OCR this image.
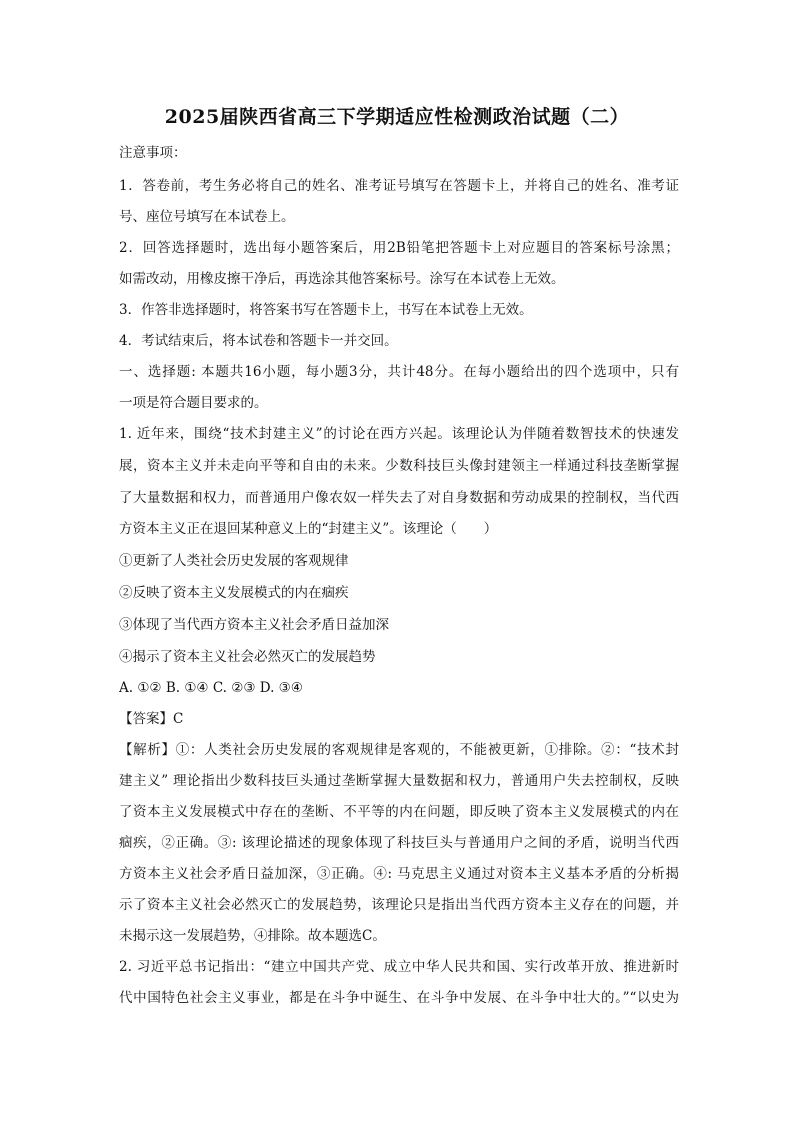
2025届陕西省高三下学期适应性检测政治试题（二）
注意事项：
1．答卷前，考生务必将自己的姓名、准考证号填写在答题卡上，并将自己的姓名、准考证
号、座位号填写在本试卷上。
2．回答选择题时，选出每小题答案后，用2B铅笔把答题卡上对应题目的答案标号涂黑；
如需改动，用橡皮擦干净后，再选涂其他答案标号。涂写在本试卷上无效。
3．作答非选择题时，将答案书写在答题卡上，书写在本试卷上无效。
4．考试结束后，将本试卷和答题卡一并交回。
一、选择题: 本题共16小题，每小题3分，共计48分。在每小题给出的四个选项中，只有
一项是符合题目要求的。
1. 近年来，围绕“技术封建主义”的讨论在西方兴起。该理论认为伴随着数智技术的快速发
展，资本主义并未走向平等和自由的未来。少数科技巨头像封建领主一样通过科技垄断掌握
了大量数据和权力，而普通用户像农奴一样失去了对自身数据和劳动成果的控制权，当代西
方资本主义正在退回某种意义上的“封建主义”。该理论（　　）
①更新了人类社会历史发展的客观规律
②反映了资本主义发展模式的内在痼疾
③体现了当代西方资本主义社会矛盾日益加深
④揭示了资本主义社会必然灭亡的发展趋势
A. ①② B. ①④ C. ②③ D. ③④
【答案】C
【解析】①：人类社会历史发展的客观规律是客观的，不能被更新，①排除。②：“技术封
建主义” 理论指出少数科技巨头通过垄断掌握大量数据和权力，普通用户失去控制权，反映
了资本主义发展模式中存在的垄断、不平等的内在问题，即反映了资本主义发展模式的内在
痼疾，②正确。③: 该理论描述的现象体现了科技巨头与普通用户之间的矛盾，说明当代西
方资本主义社会矛盾日益加深，③正确。④: 马克思主义通过对资本主义基本矛盾的分析揭
示了资本主义社会必然灭亡的发展趋势，该理论只是指出当代西方资本主义存在的问题，并
未揭示这一发展趋势，④排除。故本题选C。
2. 习近平总书记指出：“建立中国共产党、成立中华人民共和国、实行改革开放、推进新时
代中国特色社会主义事业，都是在斗争中诞生、在斗争中发展、在斗争中壮大的。”“以史为
